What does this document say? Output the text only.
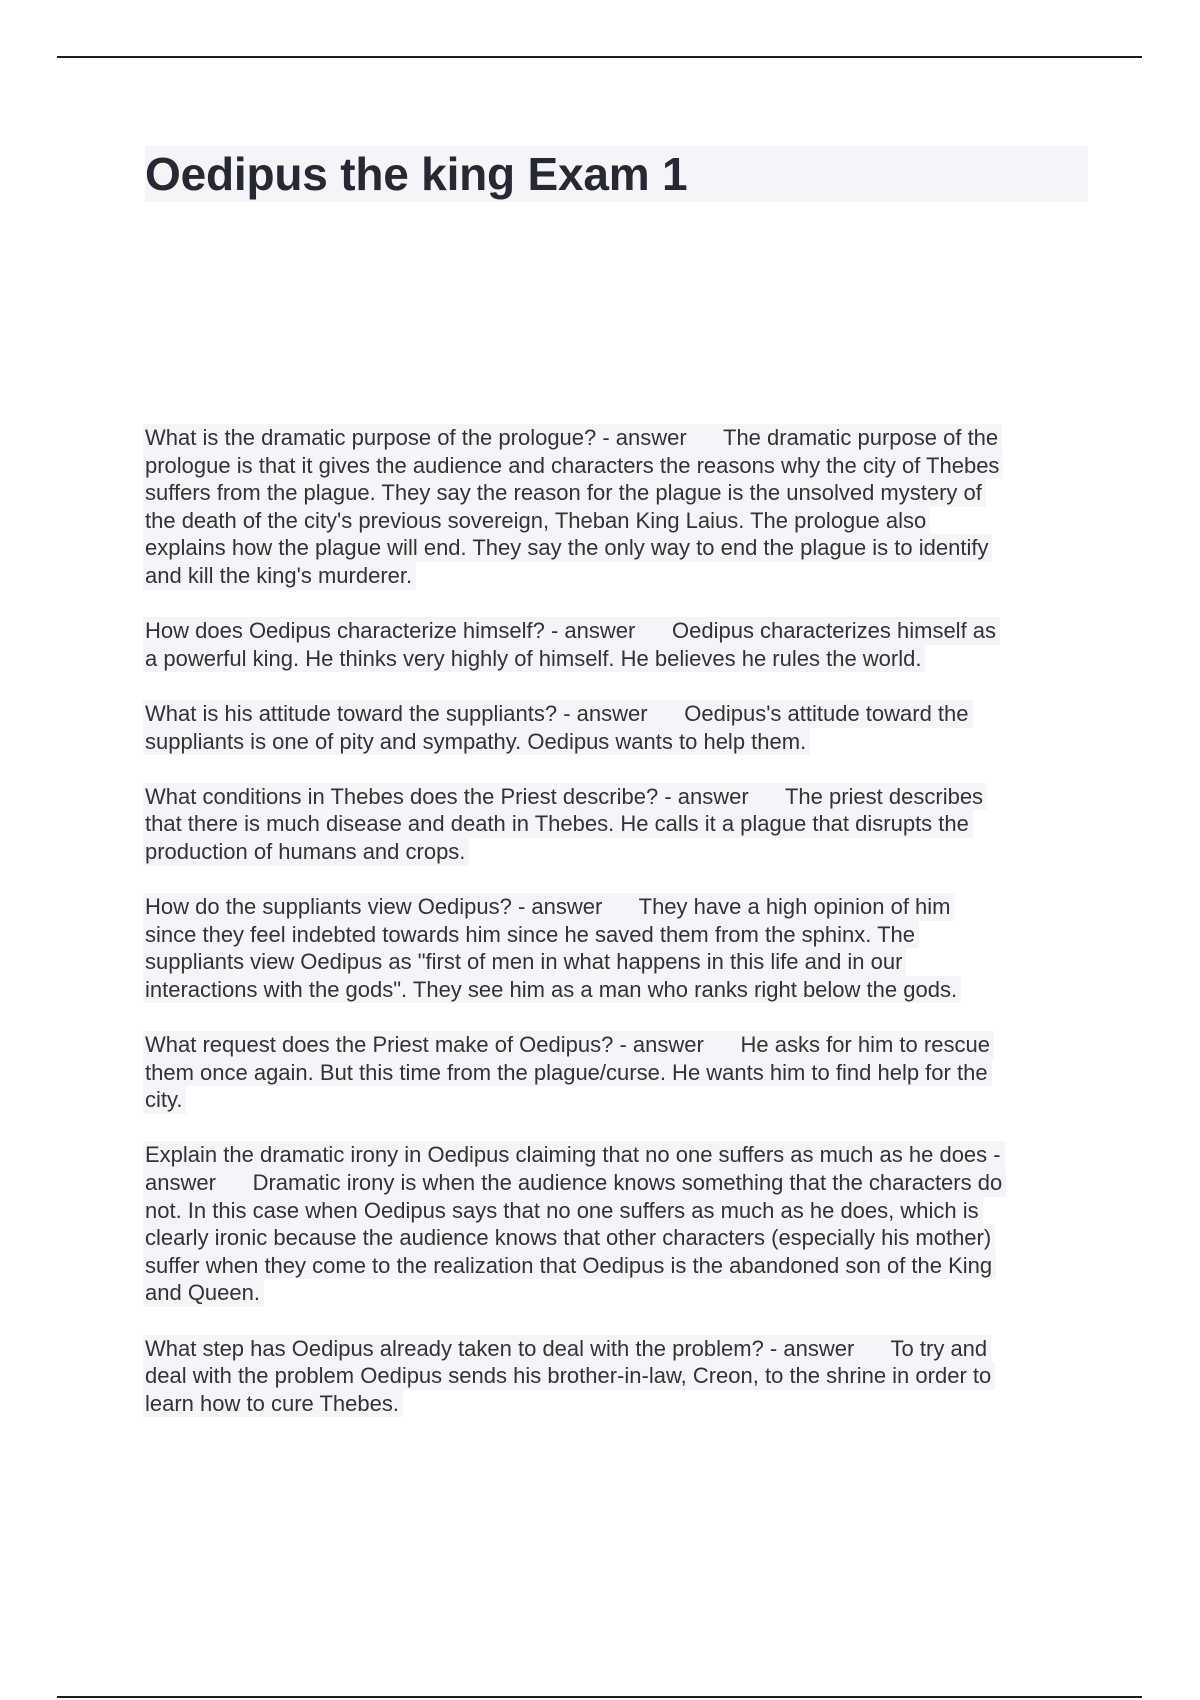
Oedipus the king Exam 1
What is the dramatic purpose of the prologue? - answer      The dramatic purpose of the
prologue is that it gives the audience and characters the reasons why the city of Thebes
suffers from the plague. They say the reason for the plague is the unsolved mystery of
the death of the city's previous sovereign, Theban King Laius. The prologue also
explains how the plague will end. They say the only way to end the plague is to identify
and kill the king's murderer.
How does Oedipus characterize himself? - answer      Oedipus characterizes himself as
a powerful king. He thinks very highly of himself. He believes he rules the world.
What is his attitude toward the suppliants? - answer      Oedipus's attitude toward the
suppliants is one of pity and sympathy. Oedipus wants to help them.
What conditions in Thebes does the Priest describe? - answer      The priest describes
that there is much disease and death in Thebes. He calls it a plague that disrupts the
production of humans and crops.
How do the suppliants view Oedipus? - answer      They have a high opinion of him
since they feel indebted towards him since he saved them from the sphinx. The
suppliants view Oedipus as "first of men in what happens in this life and in our
interactions with the gods". They see him as a man who ranks right below the gods.
What request does the Priest make of Oedipus? - answer      He asks for him to rescue
them once again. But this time from the plague/curse. He wants him to find help for the
city.
Explain the dramatic irony in Oedipus claiming that no one suffers as much as he does -
answer      Dramatic irony is when the audience knows something that the characters do
not. In this case when Oedipus says that no one suffers as much as he does, which is
clearly ironic because the audience knows that other characters (especially his mother)
suffer when they come to the realization that Oedipus is the abandoned son of the King
and Queen.
What step has Oedipus already taken to deal with the problem? - answer      To try and
deal with the problem Oedipus sends his brother-in-law, Creon, to the shrine in order to
learn how to cure Thebes.
